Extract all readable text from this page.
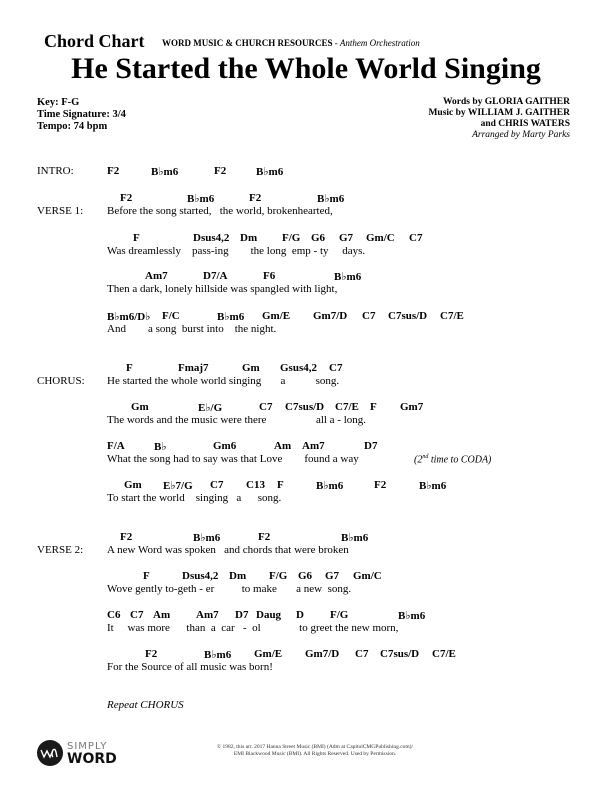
Chord Chart WORD MUSIC & CHURCH RESOURCES - Anthem Orchestration
He Started the Whole World Singing
Key: F-G
Time Signature: 3/4
Tempo: 74 bpm
Words by GLORIA GAITHER
Music by WILLIAM J. GAITHER
and CHRIS WATERS
Arranged by Marty Parks
INTRO:
VERSE 1:
CHORUS:
VERSE 2:
F2	B♭m6	F2	B♭m6
F2	B♭m6	F2	B♭m6
Before the song started,   the world, brokenhearted,
F	Dsus4,2 Dm F/G G6 G7 Gm/C C7
Was dreamlessly    pass-ing        the long  emp - ty     days.
Am7	D7/A	F6	B♭m6
Then a dark, lonely hillside was spangled with light,
B♭m6/D♭ F/C	B♭m6 Gm/E Gm7/D C7 C7sus/D C7/E
And        a song  burst into    the night.
F	Fmaj7	Gm Gsus4,2 C7
He started the whole world singing       a           song.
Gm	E♭/G	C7 C7sus/D C7/E F Gm7
The words and the music were there                  all a - long.
F/A	B♭	Gm6	Am Am7	D7
What the song had to say was that Love        found a way
Gm E♭7/G C7 C13 F	B♭m6	F2	B♭m6
To start the world    singing   a      song.
F2	B♭m6	F2	B♭m6
A new Word was spoken   and chords that were broken
F	Dsus4,2 Dm F/G G6 G7 Gm/C
Wove gently to-geth - er          to make       a new  song.
C6 C7 Am Am7 D7 Daug D F/G	B♭m6
It     was more      than  a  car   -  ol              to greet the new morn,
F2	B♭m6 Gm/E Gm7/D C7 C7sus/D C7/E
For the Source of all music was born!
(2nd time to CODA)
Repeat CHORUS
SIMPLY
WORD
© 1982, this arr. 2017 Hanna Street Music (BMI) (Adm at CapitolCMGPublishing.com)/ EMI Blackwood Music (BMI). All Rights Reserved. Used by Permission.
